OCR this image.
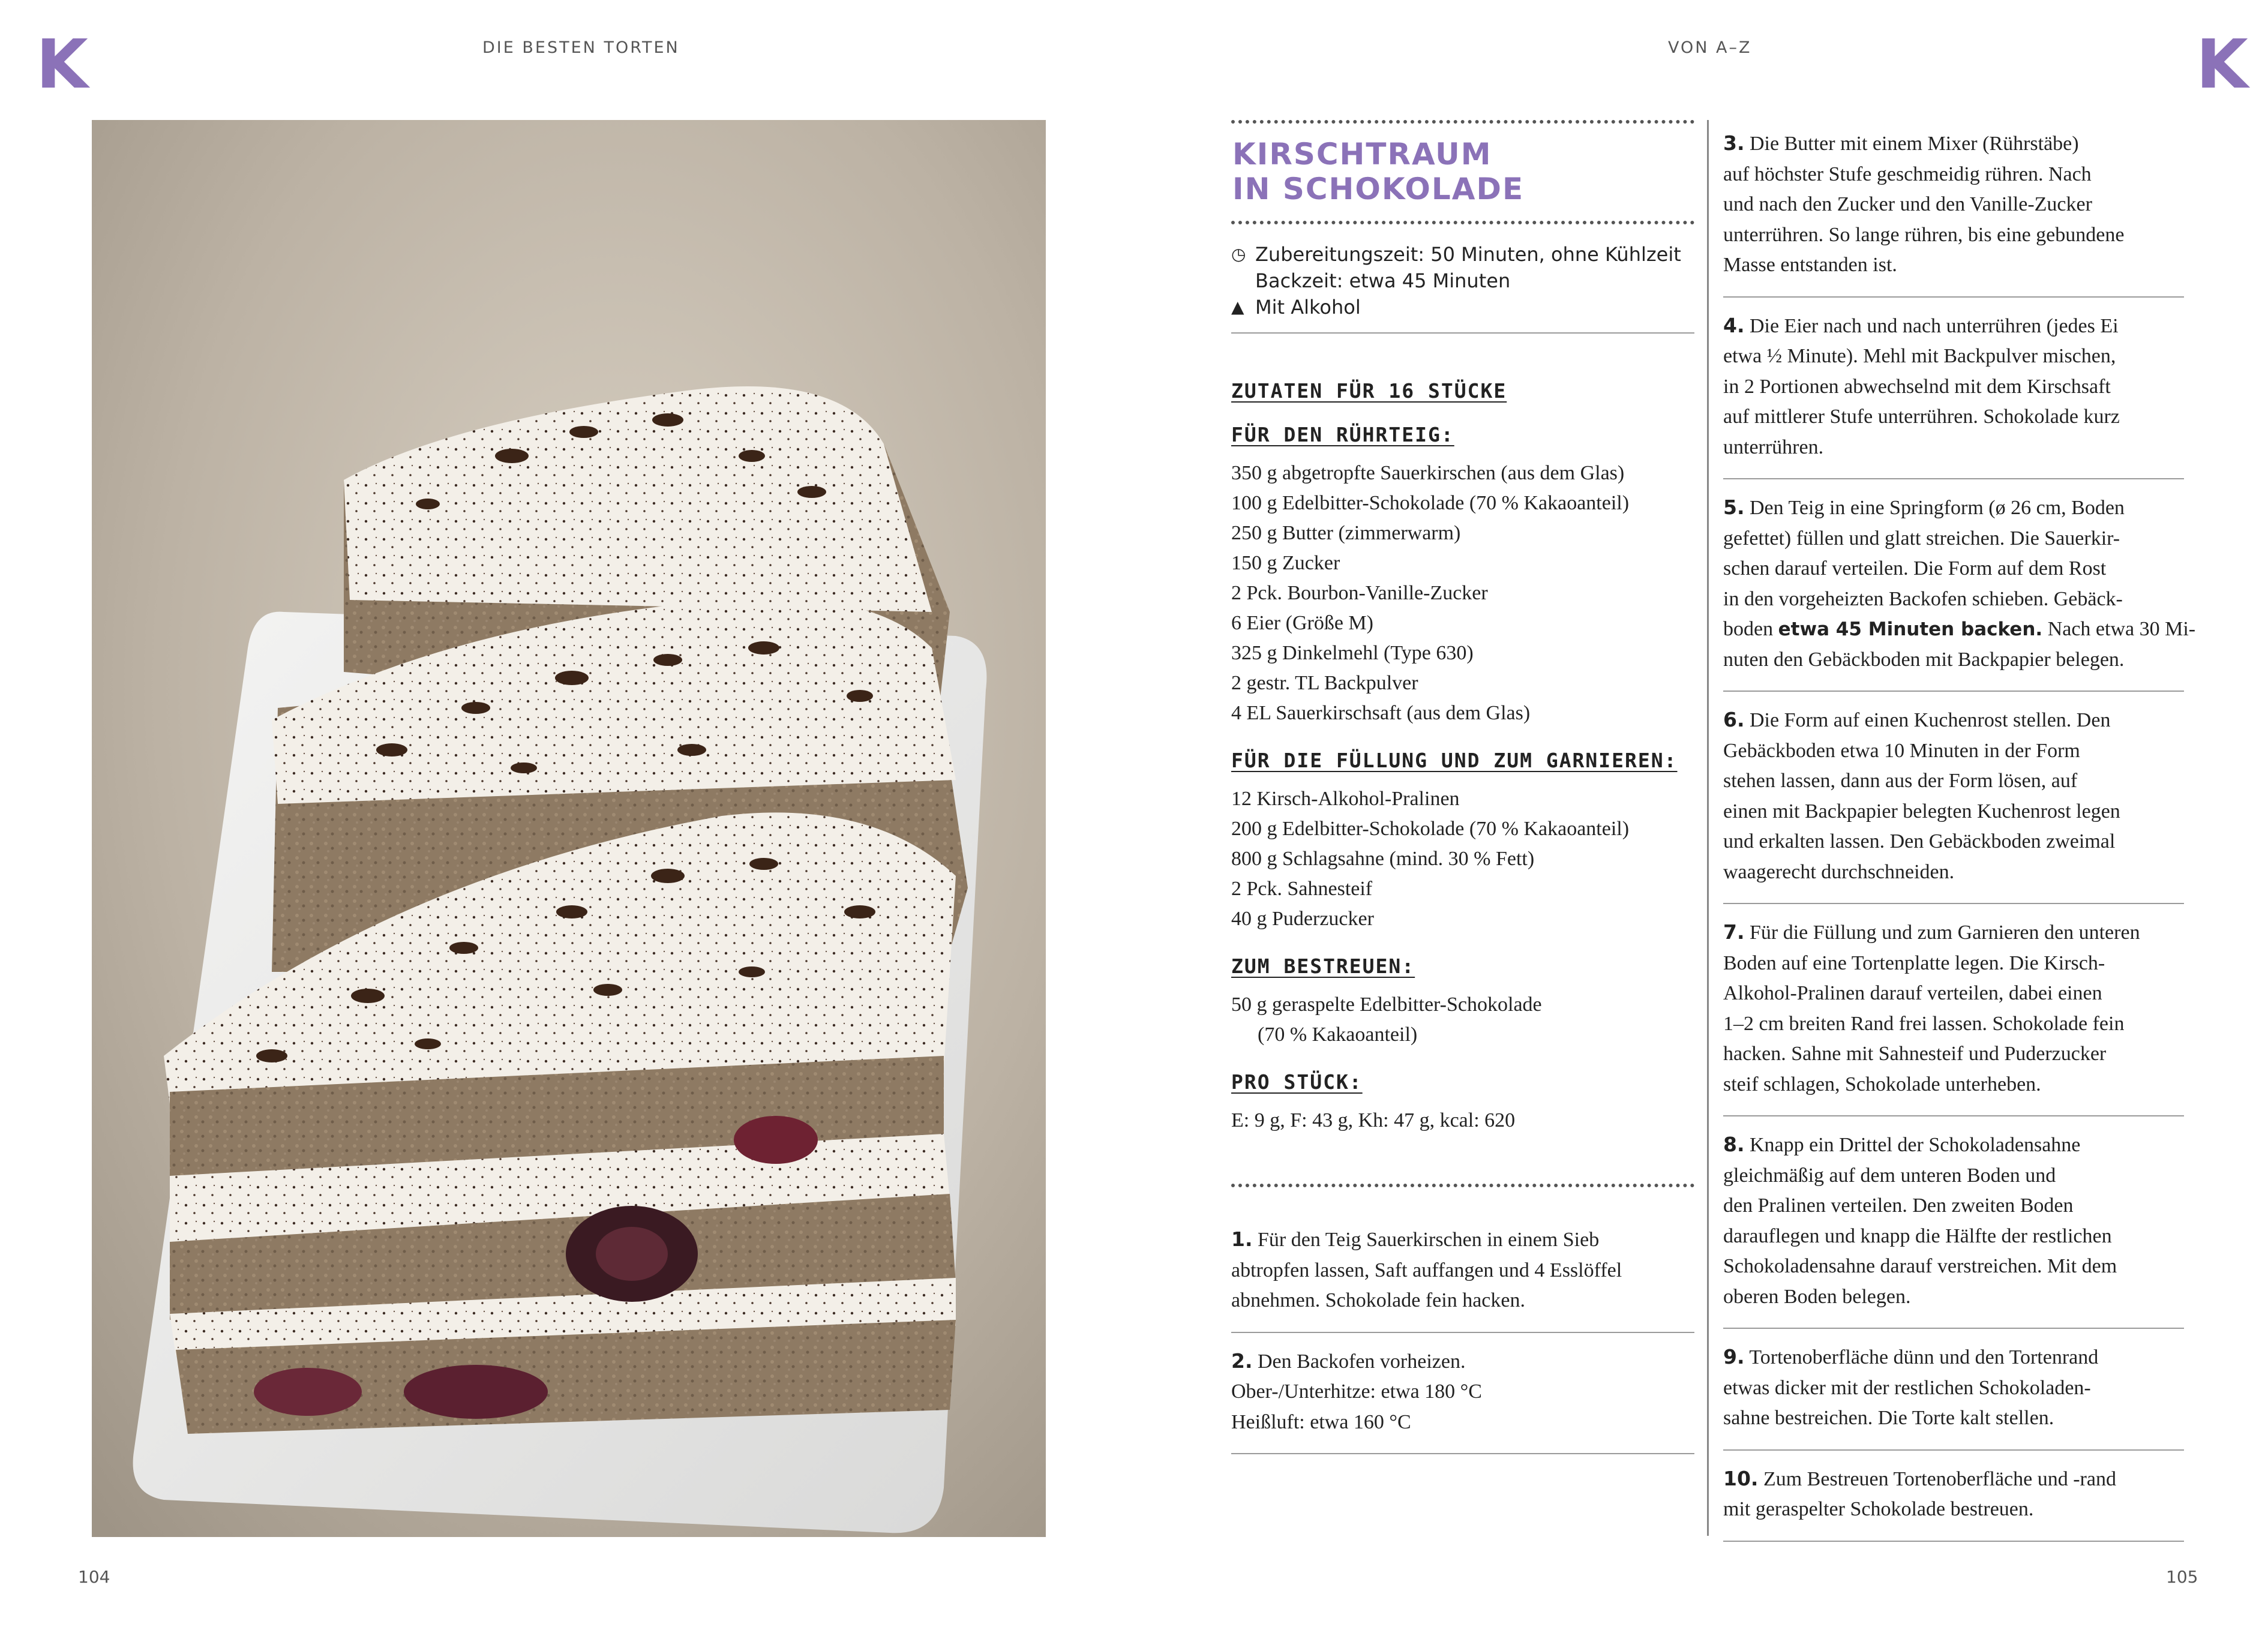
K	DIE BESTEN TORTEN	VON A–Z	K
KIRSCHTRAUM
IN SCHOKOLADE
◷ Zubereitungszeit: 50 Minuten, ohne Kühlzeit
Backzeit: etwa 45 Minuten
▲ Mit Alkohol
ZUTATEN FÜR 16 STÜCKE
FÜR DEN RÜHRTEIG:
350 g abgetropfte Sauerkirschen (aus dem Glas)
100 g Edelbitter-Schokolade (70 % Kakaoanteil)
250 g Butter (zimmerwarm)
150 g Zucker
2 Pck. Bourbon-Vanille-Zucker
6 Eier (Größe M)
325 g Dinkelmehl (Type 630)
2 gestr. TL Backpulver
4 EL Sauerkirschsaft (aus dem Glas)
FÜR DIE FÜLLUNG UND ZUM GARNIEREN:
12 Kirsch-Alkohol-Pralinen
200 g Edelbitter-Schokolade (70 % Kakaoanteil)
800 g Schlagsahne (mind. 30 % Fett)
2 Pck. Sahnesteif
40 g Puderzucker
ZUM BESTREUEN:
50 g geraspelte Edelbitter-Schokolade
(70 % Kakaoanteil)
PRO STÜCK:
E: 9 g, F: 43 g, Kh: 47 g, kcal: 620
1. Für den Teig Sauerkirschen in einem Sieb
abtropfen lassen, Saft auffangen und 4 Esslöffel
abnehmen. Schokolade fein hacken.
2. Den Backofen vorheizen.
Ober-/Unterhitze: etwa 180 °C
Heißluft: etwa 160 °C
3. Die Butter mit einem Mixer (Rührstäbe)
auf höchster Stufe geschmeidig rühren. Nach
und nach den Zucker und den Vanille-Zucker
unterrühren. So lange rühren, bis eine gebundene
Masse entstanden ist.
4. Die Eier nach und nach unterrühren (jedes Ei
etwa ½ Minute). Mehl mit Backpulver mischen,
in 2 Portionen abwechselnd mit dem Kirschsaft
auf mittlerer Stufe unterrühren. Schokolade kurz
unterrühren.
5. Den Teig in eine Springform (ø 26 cm, Boden
gefettet) füllen und glatt streichen. Die Sauerkir-
schen darauf verteilen. Die Form auf dem Rost
in den vorgeheizten Backofen schieben. Gebäck-
boden etwa 45 Minuten backen. Nach etwa 30 Mi-
nuten den Gebäckboden mit Backpapier belegen.
6. Die Form auf einen Kuchenrost stellen. Den
Gebäckboden etwa 10 Minuten in der Form
stehen lassen, dann aus der Form lösen, auf
einen mit Backpapier belegten Kuchenrost legen
und erkalten lassen. Den Gebäckboden zweimal
waagerecht durchschneiden.
7. Für die Füllung und zum Garnieren den unteren
Boden auf eine Tortenplatte legen. Die Kirsch-
Alkohol-Pralinen darauf verteilen, dabei einen
1–2 cm breiten Rand frei lassen. Schokolade fein
hacken. Sahne mit Sahnesteif und Puderzucker
steif schlagen, Schokolade unterheben.
8. Knapp ein Drittel der Schokoladensahne
gleichmäßig auf dem unteren Boden und
den Pralinen verteilen. Den zweiten Boden
darauflegen und knapp die Hälfte der restlichen
Schokoladensahne darauf verstreichen. Mit dem
oberen Boden belegen.
9. Tortenoberfläche dünn und den Tortenrand
etwas dicker mit der restlichen Schokoladen-
sahne bestreichen. Die Torte kalt stellen.
10. Zum Bestreuen Tortenoberfläche und -rand
mit geraspelter Schokolade bestreuen.
104	105
